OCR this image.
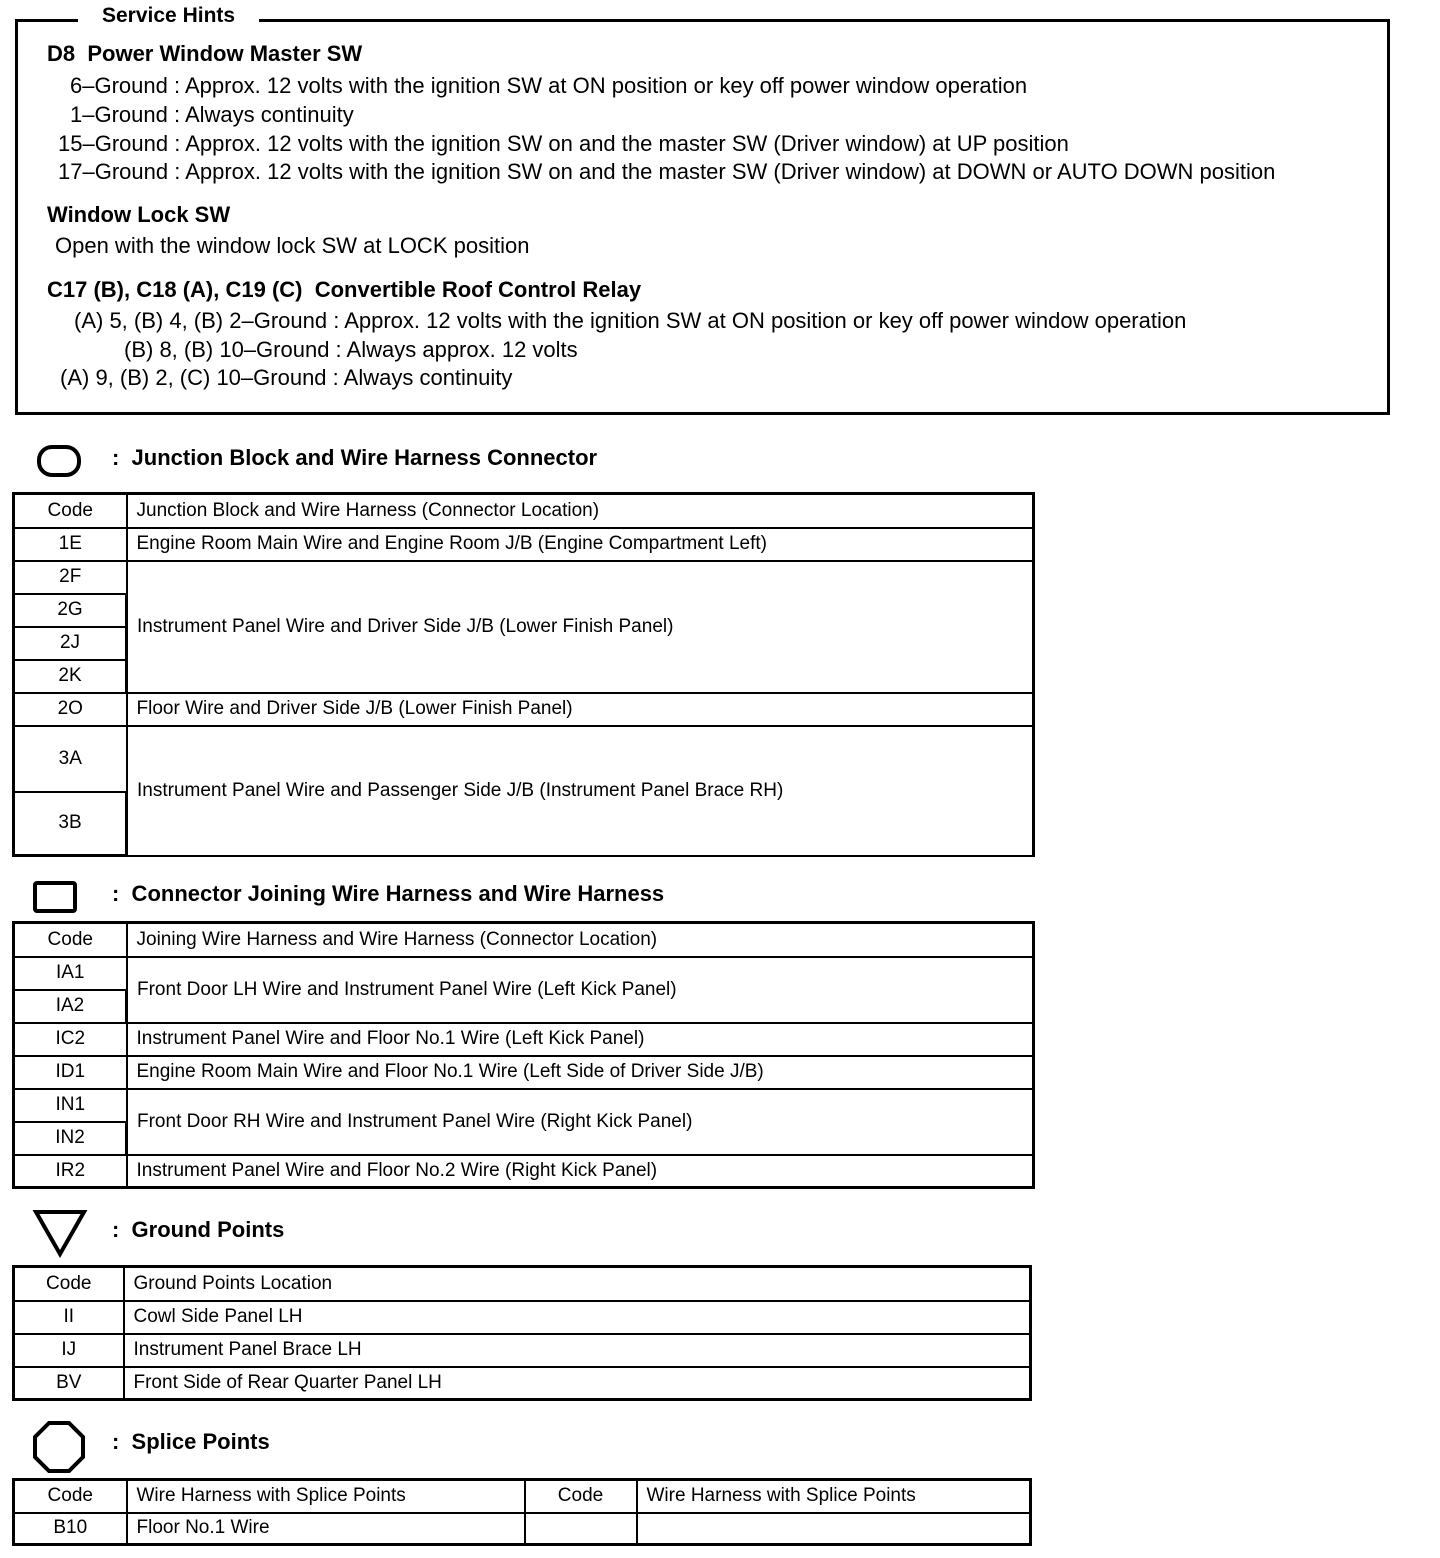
Service Hints
D8  Power Window Master SW
6–Ground : Approx. 12 volts with the ignition SW at ON position or key off power window operation
1–Ground : Always continuity
15–Ground : Approx. 12 volts with the ignition SW on and the master SW (Driver window) at UP position
17–Ground : Approx. 12 volts with the ignition SW on and the master SW (Driver window) at DOWN or AUTO DOWN position
Window Lock SW
Open with the window lock SW at LOCK position
C17 (B), C18 (A), C19 (C)  Convertible Roof Control Relay
(A) 5, (B) 4, (B) 2–Ground : Approx. 12 volts with the ignition SW at ON position or key off power window operation
(B) 8, (B) 10–Ground : Always approx. 12 volts
(A) 9, (B) 2, (C) 10–Ground : Always continuity
:  Junction Block and Wire Harness Connector
Code	Junction Block and Wire Harness (Connector Location)
1E	Engine Room Main Wire and Engine Room J/B (Engine Compartment Left)
2F	Instrument Panel Wire and Driver Side J/B (Lower Finish Panel)
2G	
2J	
2K	
2O	Floor Wire and Driver Side J/B (Lower Finish Panel)
3A	Instrument Panel Wire and Passenger Side J/B (Instrument Panel Brace RH)
3B	
:  Connector Joining Wire Harness and Wire Harness
Code	Joining Wire Harness and Wire Harness (Connector Location)
IA1	Front Door LH Wire and Instrument Panel Wire (Left Kick Panel)
IA2	
IC2	Instrument Panel Wire and Floor No.1 Wire (Left Kick Panel)
ID1	Engine Room Main Wire and Floor No.1 Wire (Left Side of Driver Side J/B)
IN1	Front Door RH Wire and Instrument Panel Wire (Right Kick Panel)
IN2	
IR2	Instrument Panel Wire and Floor No.2 Wire (Right Kick Panel)
:  Ground Points
Code	Ground Points Location
II	Cowl Side Panel LH
IJ	Instrument Panel Brace LH
BV	Front Side of Rear Quarter Panel LH
:  Splice Points
Code	Wire Harness with Splice Points	Code	Wire Harness with Splice Points
B10	Floor No.1 Wire		
